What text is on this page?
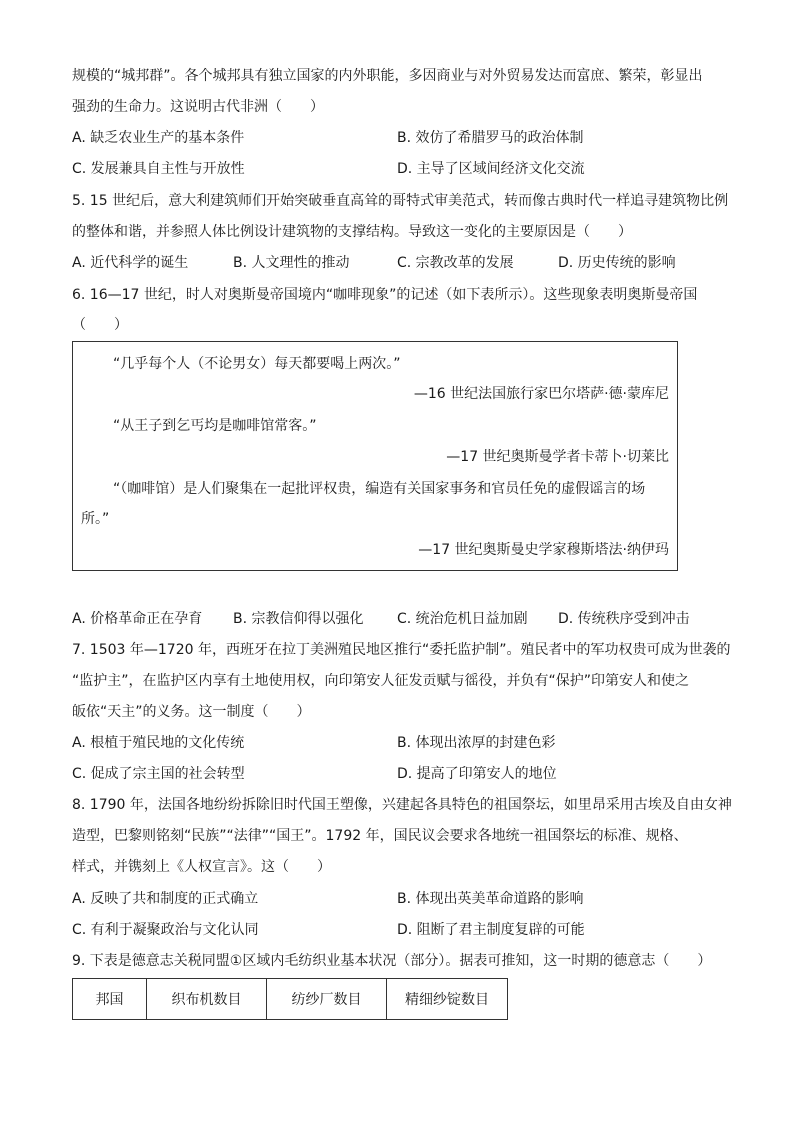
规模的“城邦群”。各个城邦具有独立国家的内外职能，多因商业与对外贸易发达而富庶、繁荣，彰显出
强劲的生命力。这说明古代非洲（　　）
A. 缺乏农业生产的基本条件	B. 效仿了希腊罗马的政治体制
C. 发展兼具自主性与开放性	D. 主导了区域间经济文化交流
5. 15 世纪后，意大利建筑师们开始突破垂直高耸的哥特式审美范式，转而像古典时代一样追寻建筑物比例
的整体和谐，并参照人体比例设计建筑物的支撑结构。导致这一变化的主要原因是（　　）
A. 近代科学的诞生	B. 人文理性的推动	C. 宗教改革的发展	D. 历史传统的影响
6. 16—17 世纪，时人对奥斯曼帝国境内“咖啡现象”的记述（如下表所示）。这些现象表明奥斯曼帝国
（　　）
“几乎每个人（不论男女）每天都要喝上两次。”
—16 世纪法国旅行家巴尔塔萨·德·蒙库尼
“从王子到乞丐均是咖啡馆常客。”
—17 世纪奥斯曼学者卡蒂卜·切莱比
“（咖啡馆）是人们聚集在一起批评权贵，编造有关国家事务和官员任免的虚假谣言的场
所。”
—17 世纪奥斯曼史学家穆斯塔法·纳伊玛
A. 价格革命正在孕育 B. 宗教信仰得以强化 C. 统治危机日益加剧 D. 传统秩序受到冲击
7. 1503 年—1720 年，西班牙在拉丁美洲殖民地区推行“委托监护制”。殖民者中的军功权贵可成为世袭的
“监护主”，在监护区内享有土地使用权，向印第安人征发贡赋与徭役，并负有“保护”印第安人和使之
皈依“天主”的义务。这一制度（　　）
A. 根植于殖民地的文化传统	B. 体现出浓厚的封建色彩
C. 促成了宗主国的社会转型	D. 提高了印第安人的地位
8. 1790 年，法国各地纷纷拆除旧时代国王塑像，兴建起各具特色的祖国祭坛，如里昂采用古埃及自由女神
造型，巴黎则铭刻“民族”“法律”“国王”。1792 年，国民议会要求各地统一祖国祭坛的标准、规格、
样式，并镌刻上《人权宣言》。这（　　）
A. 反映了共和制度的正式确立	B. 体现出英美革命道路的影响
C. 有利于凝聚政治与文化认同	D. 阻断了君主制度复辟的可能
9. 下表是德意志关税同盟①区域内毛纺织业基本状况（部分）。据表可推知，这一时期的德意志（　　）
邦国	织布机数目	纺纱厂数目	精细纱锭数目
